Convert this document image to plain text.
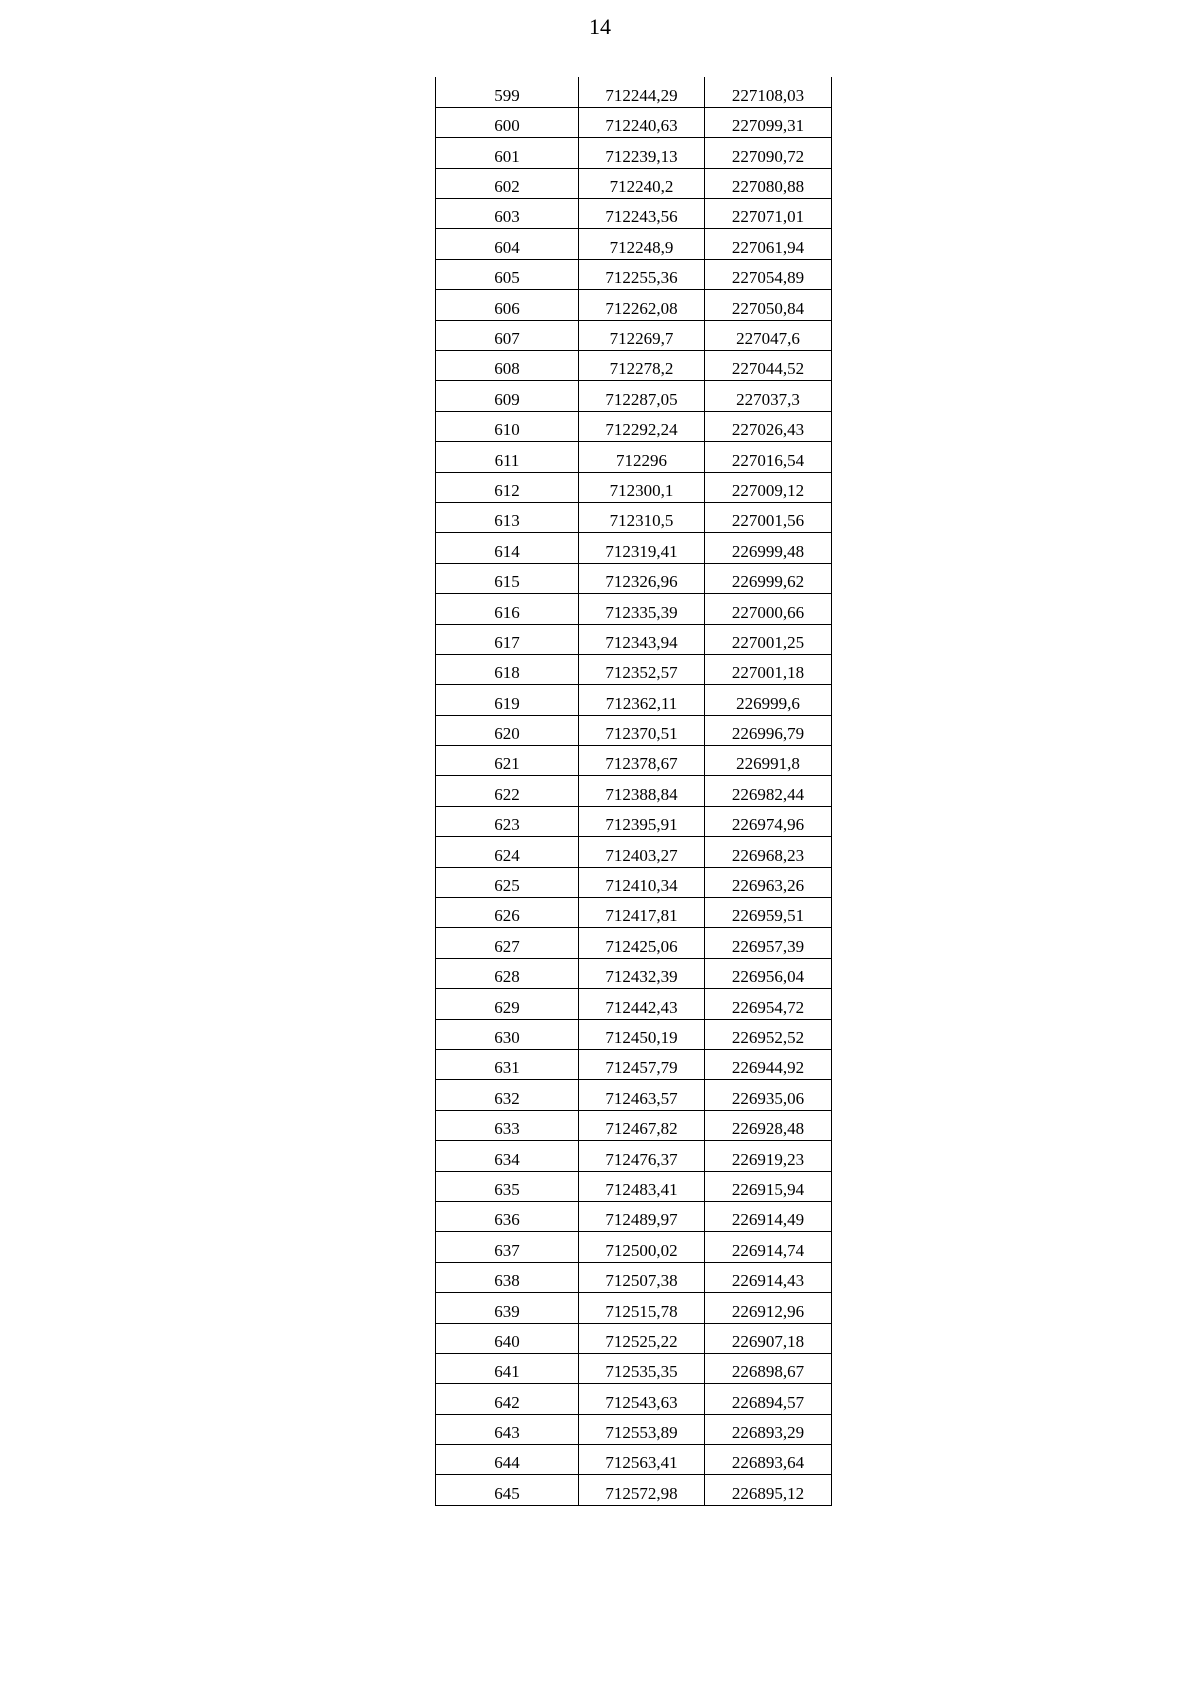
14
599	712244,29	227108,03
600	712240,63	227099,31
601	712239,13	227090,72
602	712240,2	227080,88
603	712243,56	227071,01
604	712248,9	227061,94
605	712255,36	227054,89
606	712262,08	227050,84
607	712269,7	227047,6
608	712278,2	227044,52
609	712287,05	227037,3
610	712292,24	227026,43
611	712296	227016,54
612	712300,1	227009,12
613	712310,5	227001,56
614	712319,41	226999,48
615	712326,96	226999,62
616	712335,39	227000,66
617	712343,94	227001,25
618	712352,57	227001,18
619	712362,11	226999,6
620	712370,51	226996,79
621	712378,67	226991,8
622	712388,84	226982,44
623	712395,91	226974,96
624	712403,27	226968,23
625	712410,34	226963,26
626	712417,81	226959,51
627	712425,06	226957,39
628	712432,39	226956,04
629	712442,43	226954,72
630	712450,19	226952,52
631	712457,79	226944,92
632	712463,57	226935,06
633	712467,82	226928,48
634	712476,37	226919,23
635	712483,41	226915,94
636	712489,97	226914,49
637	712500,02	226914,74
638	712507,38	226914,43
639	712515,78	226912,96
640	712525,22	226907,18
641	712535,35	226898,67
642	712543,63	226894,57
643	712553,89	226893,29
644	712563,41	226893,64
645	712572,98	226895,12
